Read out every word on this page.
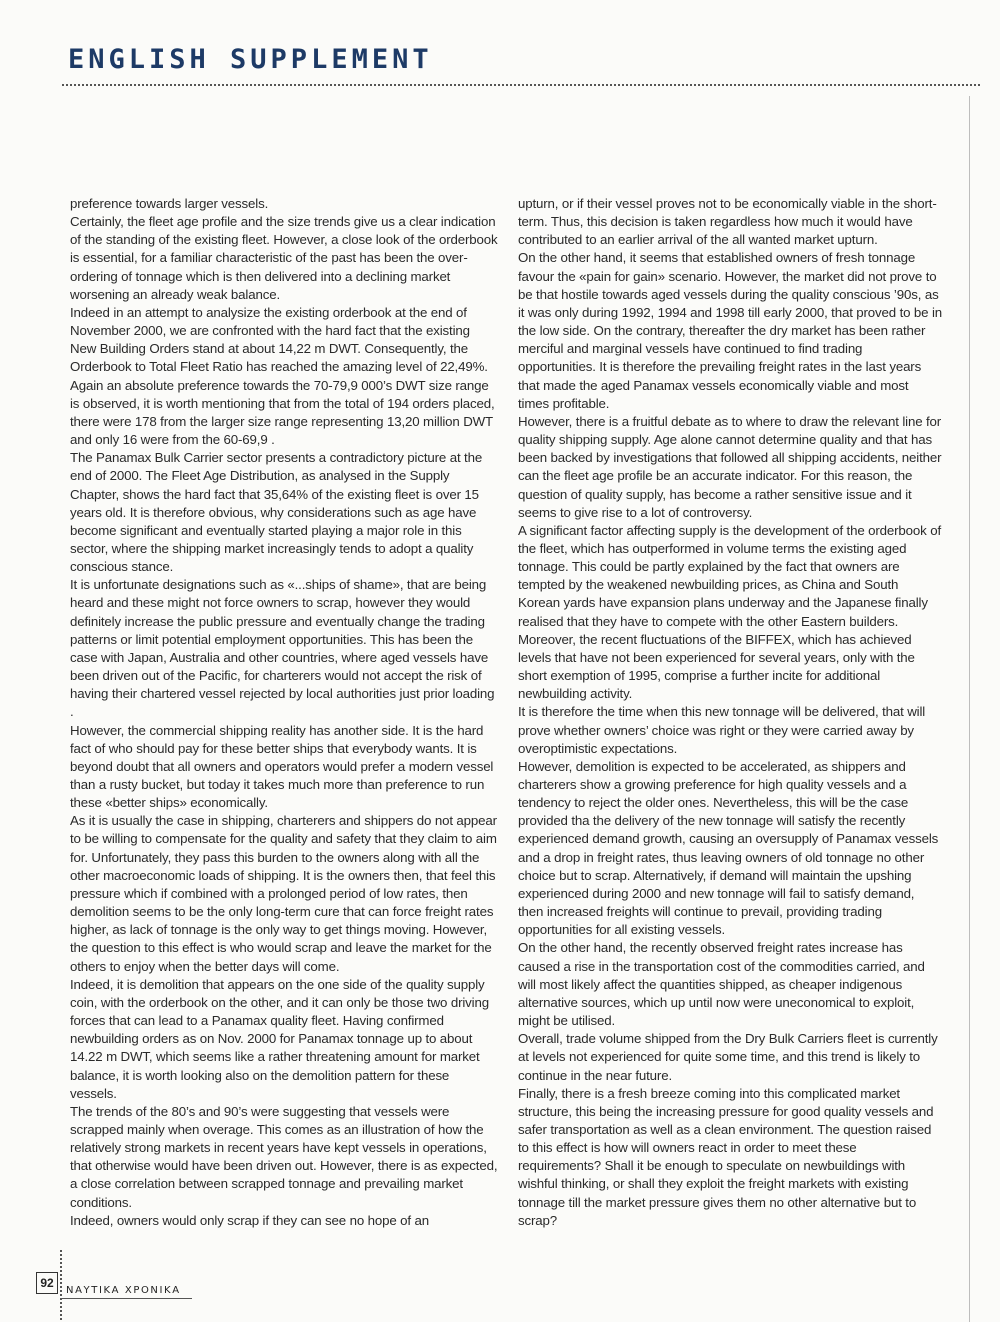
ENGLISH SUPPLEMENT

preference towards larger vessels.

Certainly, the fleet age profile and the size trends give us a clear indication of the standing of the existing fleet. However, a close look of the orderbook is essential, for a familiar characteristic of the past has been the over-ordering of tonnage which is then delivered into a declining market worsening an already weak balance.

Indeed in an attempt to analysize the existing orderbook at the end of November 2000, we are confronted with the hard fact that the existing New Building Orders stand at about 14,22 m DWT. Consequently, the Orderbook to Total Fleet Ratio has reached the amazing level of 22,49%.

Again an absolute preference towards the 70-79,9 000’s DWT size range is observed, it is worth mentioning that from the total of 194 orders placed, there were 178 from the larger size range representing 13,20 million DWT and only 16 were from the 60-69,9 .

The Panamax Bulk Carrier sector presents a contradictory picture at the end of 2000. The Fleet Age Distribution, as analysed in the Supply Chapter, shows the hard fact that 35,64% of the existing fleet is over 15 years old. It is therefore obvious, why considerations such as age have become significant and eventually started playing a major role in this sector, where the shipping market increasingly tends to adopt a quality conscious stance.

It is unfortunate designations such as «...ships of shame», that are being heard and these might not force owners to scrap, however they would definitely increase the public pressure and eventually change the trading patterns or limit potential employment opportunities. This has been the case with Japan, Australia and other countries, where aged vessels have been driven out of the Pacific, for charterers would not accept the risk of having their chartered vessel rejected by local authorities just prior loading .

However, the commercial shipping reality has another side. It is the hard fact of who should pay for these better ships that everybody wants. It is beyond doubt that all owners and operators would prefer a modern vessel than a rusty bucket, but today it takes much more than preference to run these «better ships» economically.

As it is usually the case in shipping, charterers and shippers do not appear to be willing to compensate for the quality and safety that they claim to aim for. Unfortunately, they pass this burden to the owners along with all the other macroeconomic loads of shipping. It is the owners then, that feel this pressure which if combined with a prolonged period of low rates, then demolition seems to be the only long-term cure that can force freight rates higher, as lack of tonnage is the only way to get things moving. However, the question to this effect is who would scrap and leave the market for the others to enjoy when the better days will come.

Indeed, it is demolition that appears on the one side of the quality supply coin, with the orderbook on the other, and it can only be those two driving forces that can lead to a Panamax quality fleet. Having confirmed newbuilding orders as on Nov. 2000 for Panamax tonnage up to about 14.22 m DWT, which seems like a rather threatening amount for market balance, it is worth looking also on the demolition pattern for these vessels.

The trends of the 80’s and 90’s were suggesting that vessels were scrapped mainly when overage. This comes as an illustration of how the relatively strong markets in recent years have kept vessels in operations, that otherwise would have been driven out. However, there is as expected, a close correlation between scrapped tonnage and prevailing market conditions.

Indeed, owners would only scrap if they can see no hope of an

upturn, or if their vessel proves not to be economically viable in the short-term. Thus, this decision is taken regardless how much it would have contributed to an earlier arrival of the all wanted market upturn.

On the other hand, it seems that established owners of fresh tonnage favour the «pain for gain» scenario. However, the market did not prove to be that hostile towards aged vessels during the quality conscious ’90s, as it was only during 1992, 1994 and 1998 till early 2000, that proved to be in the low side. On the contrary, thereafter the dry market has been rather merciful and marginal vessels have continued to find trading opportunities. It is therefore the prevailing freight rates in the last years that made the aged Panamax vessels economically viable and most times profitable.

However, there is a fruitful debate as to where to draw the relevant line for quality shipping supply. Age alone cannot determine quality and that has been backed by investigations that followed all shipping accidents, neither can the fleet age profile be an accurate indicator. For this reason, the question of quality supply, has become a rather sensitive issue and it seems to give rise to a lot of controversy.

A significant factor affecting supply is the development of the orderbook of the fleet, which has outperformed in volume terms the existing aged tonnage. This could be partly explained by the fact that owners are tempted by the weakened newbuilding prices, as China and South Korean yards have expansion plans underway and the Japanese finally realised that they have to compete with the other Eastern builders. Moreover, the recent fluctuations of the BIFFEX, which has achieved levels that have not been experienced for several years, only with the short exemption of 1995, comprise a further incite for additional newbuilding activity.

It is therefore the time when this new tonnage will be delivered, that will prove whether owners’ choice was right or they were carried away by overoptimistic expectations.

However, demolition is expected to be accelerated, as shippers and charterers show a growing preference for high quality vessels and a tendency to reject the older ones. Nevertheless, this will be the case provided tha the delivery of the new tonnage will satisfy the recently experienced demand growth, causing an oversupply of Panamax vessels and a drop in freight rates, thus leaving owners of old tonnage no other choice but to scrap. Alternatively, if demand will maintain the upshing experienced during 2000 and new tonnage will fail to satisfy demand, then increased freights will continue to prevail, providing trading opportunities for all existing vessels.

On the other hand, the recently observed freight rates increase has caused a rise in the transportation cost of the commodities carried, and will most likely affect the quantities shipped, as cheaper indigenous alternative sources, which up until now were uneconomical to exploit, might be utilised.

Overall, trade volume shipped from the Dry Bulk Carriers fleet is currently at levels not experienced for quite some time, and this trend is likely to continue in the near future.

Finally, there is a fresh breeze coming into this complicated market structure, this being the increasing pressure for good quality vessels and safer transportation as well as a clean environment. The question raised to this effect is how will owners react in order to meet these requirements? Shall it be enough to speculate on newbuildings with wishful thinking, or shall they exploit the freight markets with existing tonnage till the market pressure gives them no other alternative but to scrap?

92
ΝΑΥΤΙΚΑ ΧΡΟΝΙΚΑ
